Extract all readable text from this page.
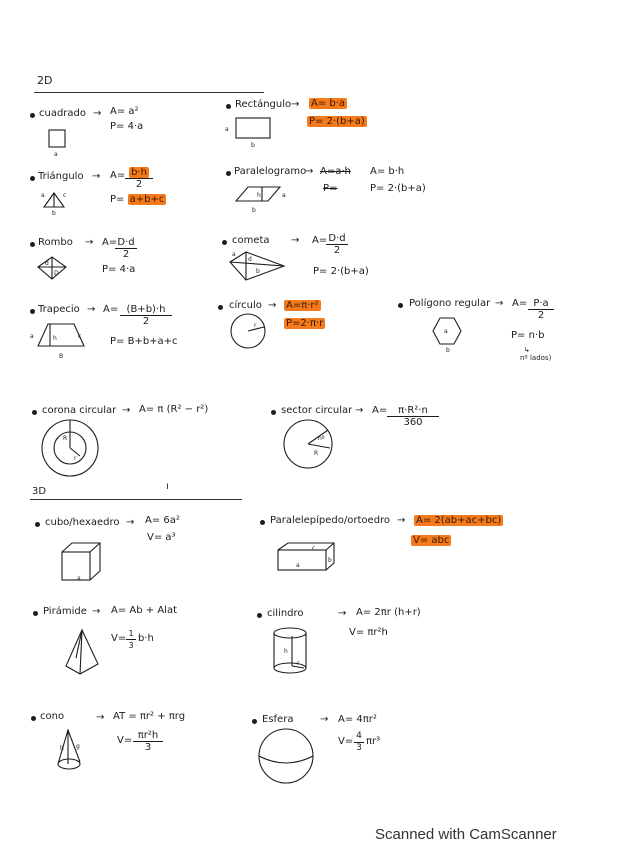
2D
cuadrado → A= a²
P= 4·a
a
Rectángulo → A= b·a
P= 2·(b+a)
a
b
Triángulo → A= b·h
2
P= a+b+c
a	c
b
Paralelogramo
→ A=a·h A= b·h
P=	P= 2·(b+a)
h	a
b
Rombo → A= D·d
2
P= 4·a
d
D
cometa → A= D·d
2
P= 2·(b+a)
a
d
b
Trapecio → A= (B+b)·h
2
P= B+b+a+c
a	h	c
B
círculo → A=π·r²
P=2·π·r
r
Polígono regular → A= P·a
2
P= n·b
↳
nº lados)
a
b
corona circular → A= π (R² − r²)
R
r
sector circular → A=	π·R²·n
360
nº
R
3D	ı
cubo/hexaedro → A= 6a²
V= a³
a
Paralelepípedo/ortoedro → A= 2(ab+ac+bc)
V= abc
c
a
b
Pirámide → A= Ab + Alat
V= 1
3
b·h
cilindro	→ A= 2πr (h+r)
V= πr²h
h
r
cono	→ AT = πr² + πrg
V= πr²h
3
h g
Esfera	→ A= 4πr²
V= 4
3
πr³
Scanned with CamScanner
